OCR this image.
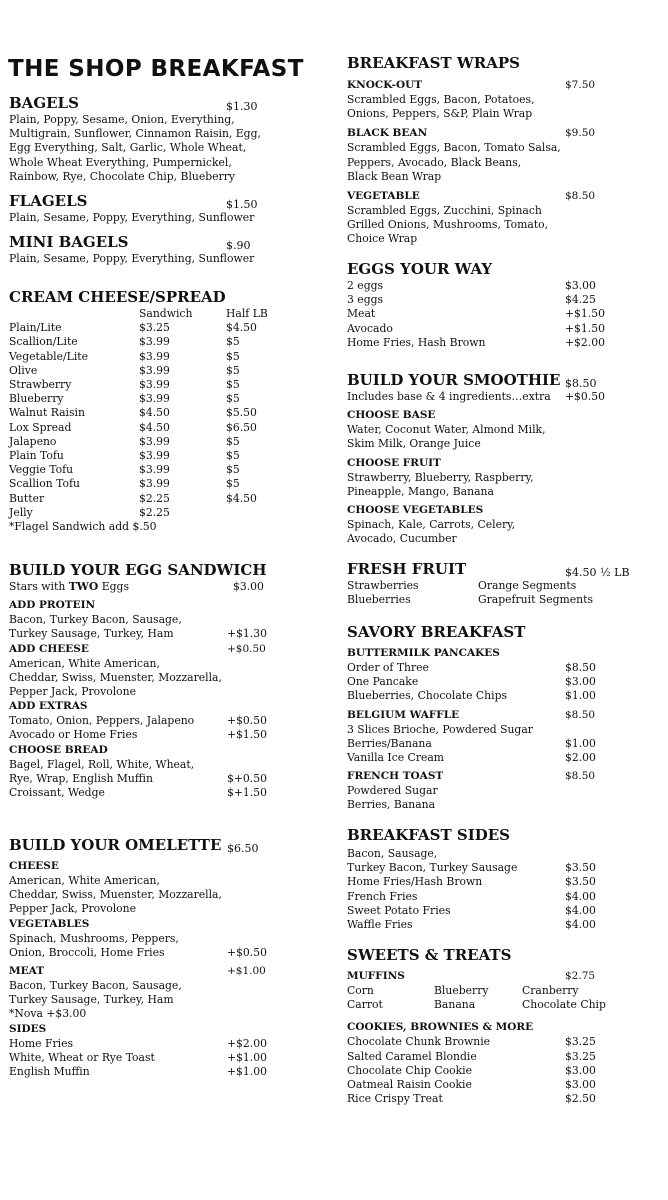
THE SHOP BREAKFAST
BAGELS	$1.30
Plain, Poppy, Sesame, Onion, Everything,
Multigrain, Sunflower, Cinnamon Raisin, Egg,
Egg Everything, Salt, Garlic, Whole Wheat,
Whole Wheat Everything, Pumpernickel,
Rainbow, Rye, Chocolate Chip, Blueberry
FLAGELS	$1.50
Plain, Sesame, Poppy, Everything, Sunflower
MINI BAGELS	$.90
Plain, Sesame, Poppy, Everything, Sunflower
CREAM CHEESE/SPREAD
Sandwich	Half LB

Plain/Lite	$3.25	$4.50
Scallion/Lite	$3.99	$5
Vegetable/Lite	$3.99	$5
Olive	$3.99	$5
Strawberry	$3.99	$5
Blueberry	$3.99	$5
Walnut Raisin	$4.50	$5.50
Lox Spread	$4.50	$6.50
Jalapeno	$3.99	$5
Plain Tofu	$3.99	$5
Veggie Tofu	$3.99	$5
Scallion Tofu	$3.99	$5
Butter	$2.25	$4.50
Jelly	$2.25
*Flagel Sandwich add $.50
BUILD YOUR EGG SANDWICH
Stars with TWO Eggs	$3.00
ADD PROTEIN
Bacon, Turkey Bacon, Sausage,
Turkey Sausage, Turkey, Ham	+$1.30
ADD CHEESE	+$0.50
American, White American,
Cheddar, Swiss, Muenster, Mozzarella,
Pepper Jack, Provolone
ADD EXTRAS
Tomato, Onion, Peppers, Jalapeno	+$0.50
Avocado or Home Fries	+$1.50
CHOOSE BREAD
Bagel, Flagel, Roll, White, Wheat,
Rye, Wrap, English Muffin	$+0.50
Croissant, Wedge	$+1.50
BUILD YOUR OMELETTE $6.50
CHEESE
American, White American,
Cheddar, Swiss, Muenster, Mozzarella,
Pepper Jack, Provolone
VEGETABLES
Spinach, Mushrooms, Peppers,
Onion, Broccoli, Home Fries	+$0.50
MEAT	+$1.00
Bacon, Turkey Bacon, Sausage,
Turkey Sausage, Turkey, Ham
*Nova +$3.00
SIDES
Home Fries	+$2.00
White, Wheat or Rye Toast	+$1.00
English Muffin	+$1.00
BREAKFAST WRAPS
KNOCK-OUT	$7.50
Scrambled Eggs, Bacon, Potatoes,
Onions, Peppers, S&P, Plain Wrap
BLACK BEAN	$9.50
Scrambled Eggs, Bacon, Tomato Salsa,
Peppers, Avocado, Black Beans,
Black Bean Wrap
VEGETABLE	$8.50
Scrambled Eggs, Zucchini, Spinach
Grilled Onions, Mushrooms, Tomato,
Choice Wrap
EGGS YOUR WAY
2 eggs	$3.00
3 eggs	$4.25
Meat	+$1.50
Avocado	+$1.50
Home Fries, Hash Brown	+$2.00
BUILD YOUR SMOOTHIE $8.50
Includes base & 4 ingredients…extra +$0.50
CHOOSE BASE
Water, Coconut Water, Almond Milk,
Skim Milk, Orange Juice
CHOOSE FRUIT
Strawberry, Blueberry, Raspberry,
Pineapple, Mango, Banana
CHOOSE VEGETABLES
Spinach, Kale, Carrots, Celery,
Avocado, Cucumber
FRESH FRUIT	$4.50 ½ LB
Strawberries	Orange Segments
Blueberries	Grapefruit Segments
SAVORY BREAKFAST
BUTTERMILK PANCAKES
Order of Three	$8.50
One Pancake	$3.00
Blueberries, Chocolate Chips	$1.00
BELGIUM WAFFLE	$8.50
3 Slices Brioche, Powdered Sugar
Berries/Banana	$1.00
Vanilla Ice Cream	$2.00
FRENCH TOAST	$8.50
Powdered Sugar
Berries, Banana
BREAKFAST SIDES
Bacon, Sausage,
Turkey Bacon, Turkey Sausage	$3.50
Home Fries/Hash Brown	$3.50
French Fries	$4.00
Sweet Potato Fries	$4.00
Waffle Fries	$4.00
SWEETS & TREATS
MUFFINS	$2.75
Corn	Blueberry	Cranberry
Carrot	Banana	Chocolate Chip
COOKIES, BROWNIES & MORE
Chocolate Chunk Brownie	$3.25
Salted Caramel Blondie	$3.25
Chocolate Chip Cookie	$3.00
Oatmeal Raisin Cookie	$3.00
Rice Crispy Treat	$2.50
